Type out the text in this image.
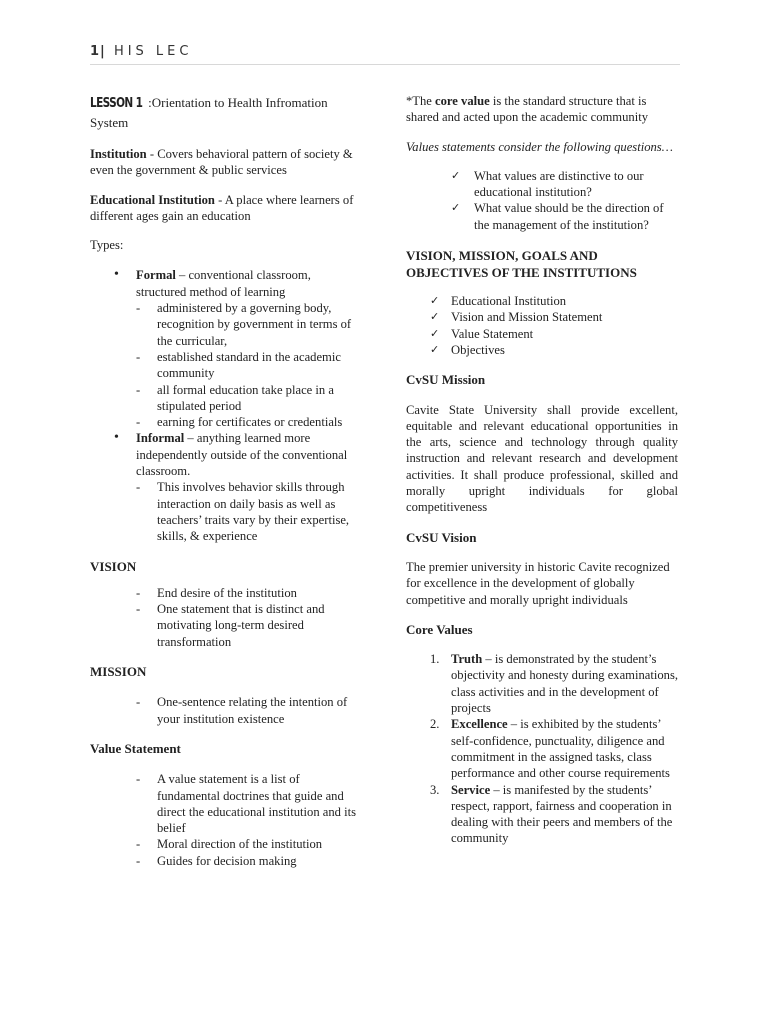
1| HIS LEC

LESSON 1 :Orientation to Health Infromation System

Institution - Covers behavioral pattern of society & even the government & public services

Educational Institution - A place where learners of different ages gain an education

Types:

• Formal – conventional classroom, structured method of learning

- administered by a governing body, recognition by government in terms of the curricular,

- established standard in the academic community

- all formal education take place in a stipulated period

- earning for certificates or credentials

• Informal – anything learned more independently outside of the conventional classroom.

- This involves behavior skills through interaction on daily basis as well as teachers’ traits vary by their expertise, skills, & experience

VISION

- End desire of the institution

- One statement that is distinct and motivating long-term desired transformation

MISSION

- One-sentence relating the intention of your institution existence

Value Statement

- A value statement is a list of fundamental doctrines that guide and direct the educational institution and its belief

- Moral direction of the institution

- Guides for decision making

*The core value is the standard structure that is shared and acted upon the academic community

Values statements consider the following questions…

✓ What values are distinctive to our educational institution?

✓ What value should be the direction of the management of the institution?

VISION, MISSION, GOALS AND OBJECTIVES OF THE INSTITUTIONS

✓ Educational Institution

✓ Vision and Mission Statement

✓ Value Statement

✓ Objectives

CvSU Mission

Cavite State University shall provide excellent, equitable and relevant educational opportunities in the arts, science and technology through quality instruction and relevant research and development activities. It shall produce professional, skilled and morally upright individuals for global competitiveness

CvSU Vision

The premier university in historic Cavite recognized for excellence in the development of globally competitive and morally upright individuals

Core Values

1. Truth – is demonstrated by the student’s objectivity and honesty during examinations, class activities and in the development of projects

2. Excellence – is exhibited by the students’ self-confidence, punctuality, diligence and commitment in the assigned tasks, class performance and other course requirements

3. Service – is manifested by the students’ respect, rapport, fairness and cooperation in dealing with their peers and members of the community
